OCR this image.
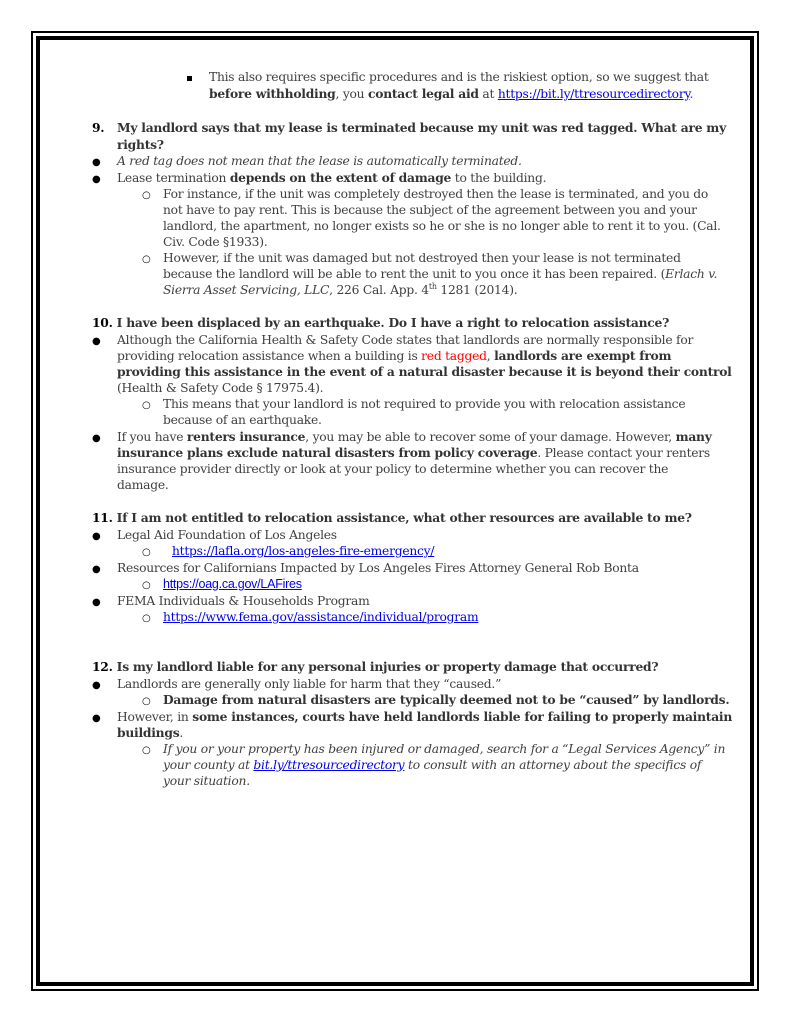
This also requires specific procedures and is the riskiest option, so we suggest that
before withholding, you contact legal aid at https://bit.ly/ttresourcedirectory.
9. My landlord says that my lease is terminated because my unit was red tagged. What are my
rights?
● A red tag does not mean that the lease is automatically terminated.
● Lease termination depends on the extent of damage to the building.
○ For instance, if the unit was completely destroyed then the lease is terminated, and you do
not have to pay rent. This is because the subject of the agreement between you and your
landlord, the apartment, no longer exists so he or she is no longer able to rent it to you. (Cal.
Civ. Code §1933).
○ However, if the unit was damaged but not destroyed then your lease is not terminated
because the landlord will be able to rent the unit to you once it has been repaired. (Erlach v.
Sierra Asset Servicing, LLC, 226 Cal. App. 4th 1281 (2014).
10. I have been displaced by an earthquake. Do I have a right to relocation assistance?
● Although the California Health & Safety Code states that landlords are normally responsible for
providing relocation assistance when a building is red tagged, landlords are exempt from
providing this assistance in the event of a natural disaster because it is beyond their control
(Health & Safety Code § 17975.4).
○ This means that your landlord is not required to provide you with relocation assistance
because of an earthquake.
● If you have renters insurance, you may be able to recover some of your damage. However, many
insurance plans exclude natural disasters from policy coverage. Please contact your renters
insurance provider directly or look at your policy to determine whether you can recover the
damage.
11. If I am not entitled to relocation assistance, what other resources are available to me?
● Legal Aid Foundation of Los Angeles
○ https://lafla.org/los-angeles-fire-emergency/
● Resources for Californians Impacted by Los Angeles Fires Attorney General Rob Bonta
○ https://oag.ca.gov/LAFires
● FEMA Individuals & Households Program
○ https://www.fema.gov/assistance/individual/program
12. Is my landlord liable for any personal injuries or property damage that occurred?
● Landlords are generally only liable for harm that they “caused.”
○ Damage from natural disasters are typically deemed not to be “caused” by landlords.
● However, in some instances, courts have held landlords liable for failing to properly maintain
buildings.
○ If you or your property has been injured or damaged, search for a “Legal Services Agency” in
your county at bit.ly/ttresourcedirectory to consult with an attorney about the specifics of
your situation.
